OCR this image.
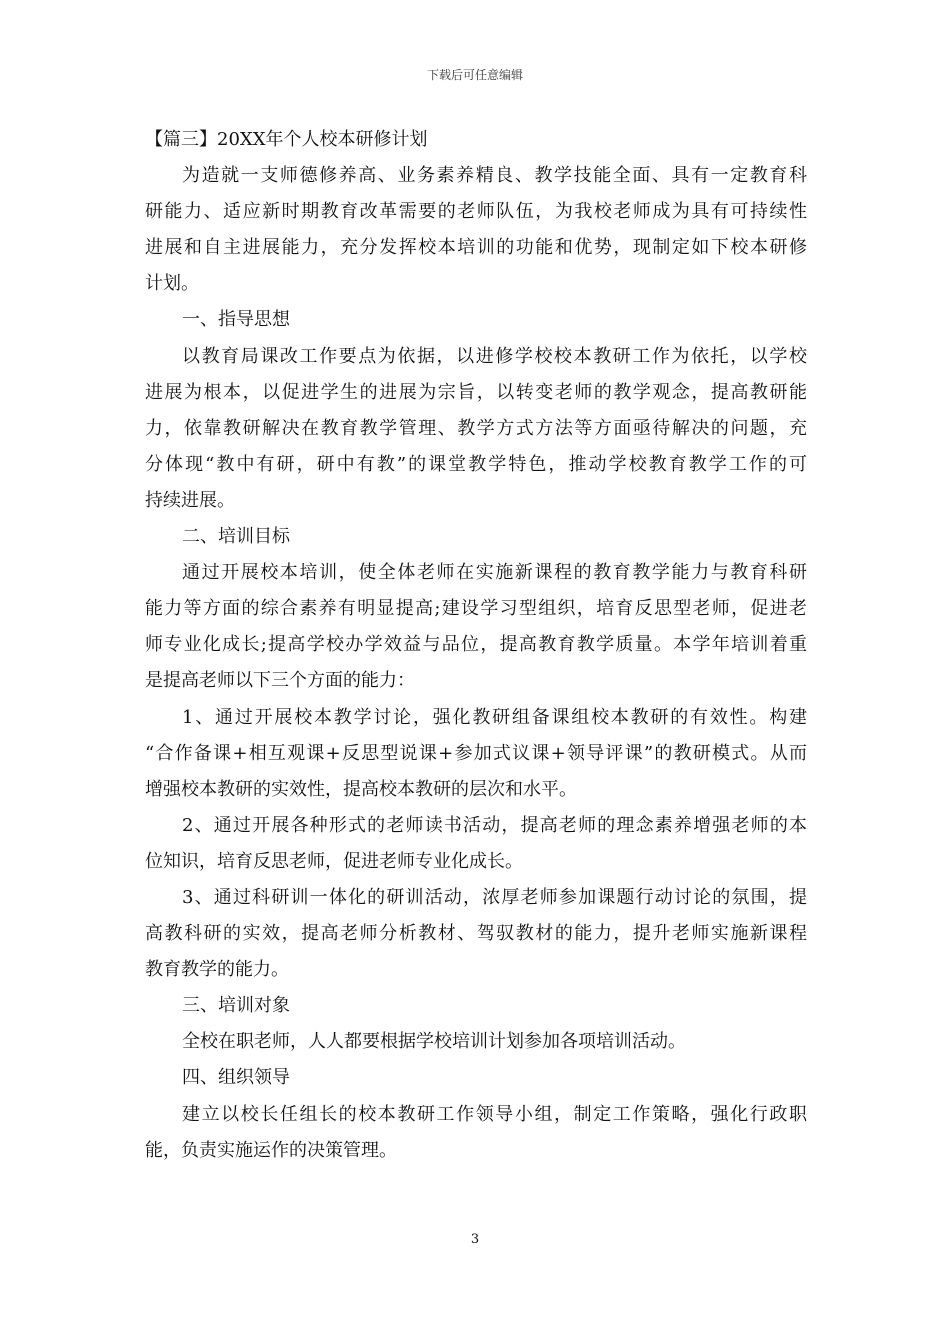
下载后可任意编辑
【篇三】20XX年个人校本研修计划
为造就一支师德修养高、业务素养精良、教学技能全面、具有一定教育科
研能力、适应新时期教育改革需要的老师队伍，为我校老师成为具有可持续性
进展和自主进展能力，充分发挥校本培训的功能和优势，现制定如下校本研修
计划。
一、指导思想
以教育局课改工作要点为依据，以进修学校校本教研工作为依托，以学校
进展为根本，以促进学生的进展为宗旨，以转变老师的教学观念，提高教研能
力，依靠教研解决在教育教学管理、教学方式方法等方面亟待解决的问题，充
分体现“教中有研，研中有教”的课堂教学特色，推动学校教育教学工作的可
持续进展。
二、培训目标
通过开展校本培训，使全体老师在实施新课程的教育教学能力与教育科研
能力等方面的综合素养有明显提高;建设学习型组织，培育反思型老师，促进老
师专业化成长;提高学校办学效益与品位，提高教育教学质量。本学年培训着重
是提高老师以下三个方面的能力：
1、通过开展校本教学讨论，强化教研组备课组校本教研的有效性。构建
“合作备课+相互观课+反思型说课+参加式议课+领导评课”的教研模式。从而
增强校本教研的实效性，提高校本教研的层次和水平。
2、通过开展各种形式的老师读书活动，提高老师的理念素养增强老师的本
位知识，培育反思老师，促进老师专业化成长。
3、通过科研训一体化的研训活动，浓厚老师参加课题行动讨论的氛围，提
高教科研的实效，提高老师分析教材、驾驭教材的能力，提升老师实施新课程
教育教学的能力。
三、培训对象
全校在职老师，人人都要根据学校培训计划参加各项培训活动。
四、组织领导
建立以校长任组长的校本教研工作领导小组，制定工作策略，强化行政职
能，负责实施运作的决策管理。
3
